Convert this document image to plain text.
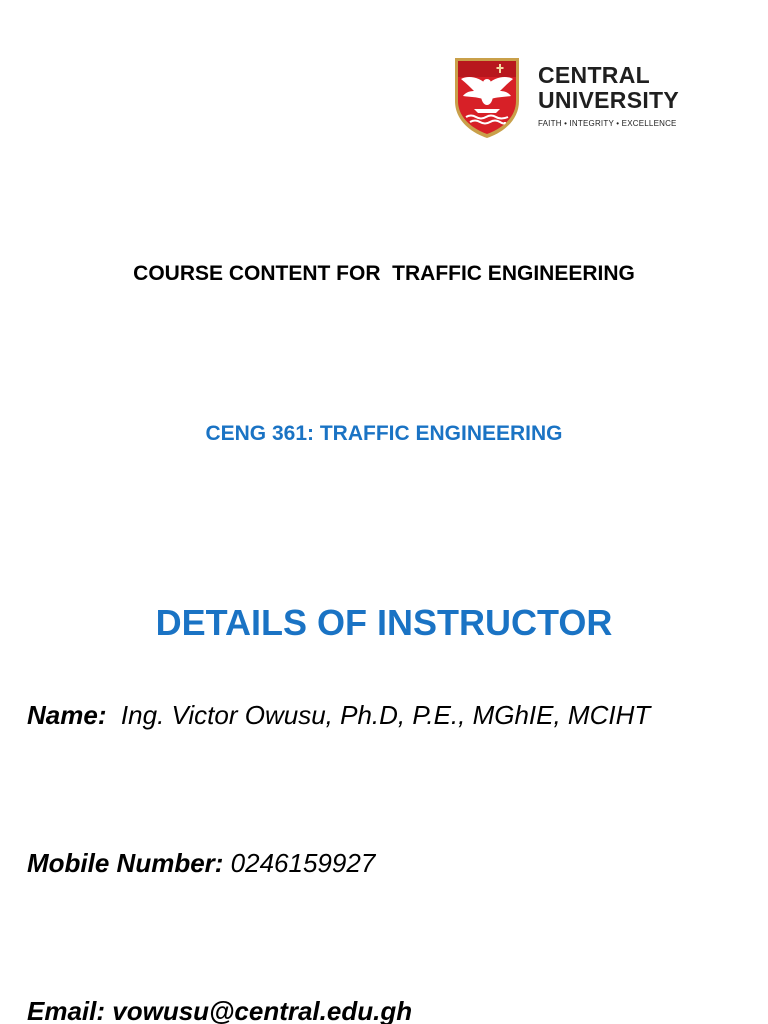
CENTRAL
UNIVERSITY
FAITH • INTEGRITY • EXCELLENCE
COURSE CONTENT FOR  TRAFFIC ENGINEERING
CENG 361: TRAFFIC ENGINEERING
DETAILS OF INSTRUCTOR
Name:  Ing. Victor Owusu, Ph.D, P.E., MGhIE, MCIHT
Mobile Number: 0246159927
Email: vowusu@central.edu.gh
